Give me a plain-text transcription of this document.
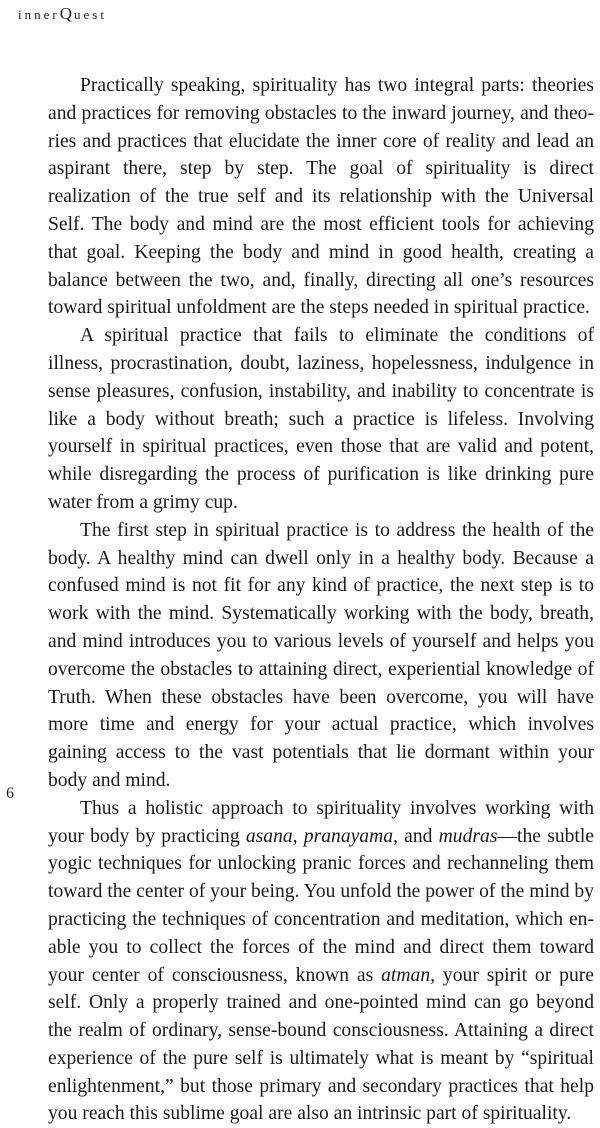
innerQuest
6

Practically speaking, spirituality has two integral parts: theories and practices for removing obstacles to the inward journey, and theories and practices that elucidate the inner core of reality and lead an aspirant there, step by step. The goal of spirituality is direct realization of the true self and its relationship with the Universal Self. The body and mind are the most efficient tools for achieving that goal. Keeping the body and mind in good health, creating a balance between the two, and, finally, directing all one’s resources toward spiritual unfoldment are the steps needed in spiritual practice.

A spiritual practice that fails to eliminate the conditions of illness, procrastination, doubt, laziness, hopelessness, indulgence in sense pleasures, confusion, instability, and inability to concentrate is like a body without breath; such a practice is lifeless. Involving yourself in spiritual practices, even those that are valid and potent, while disregarding the process of purification is like drinking pure water from a grimy cup.

The first step in spiritual practice is to address the health of the body. A healthy mind can dwell only in a healthy body. Because a confused mind is not fit for any kind of practice, the next step is to work with the mind. Systematically working with the body, breath, and mind introduces you to various levels of yourself and helps you overcome the obstacles to attaining direct, experiential knowledge of Truth. When these obstacles have been overcome, you will have more time and energy for your actual practice, which involves gaining access to the vast potentials that lie dormant within your body and mind.

Thus a holistic approach to spirituality involves working with your body by practicing asana, pranayama, and mudras—the subtle yogic techniques for unlocking pranic forces and rechanneling them toward the center of your being. You unfold the power of the mind by practicing the techniques of concentration and meditation, which enable you to collect the forces of the mind and direct them toward your center of consciousness, known as atman, your spirit or pure self. Only a properly trained and one-pointed mind can go beyond the realm of ordinary, sense-bound consciousness. Attaining a direct experience of the pure self is ultimately what is meant by “spiritual enlightenment,” but those primary and secondary practices that help you reach this sublime goal are also an intrinsic part of spirituality.
